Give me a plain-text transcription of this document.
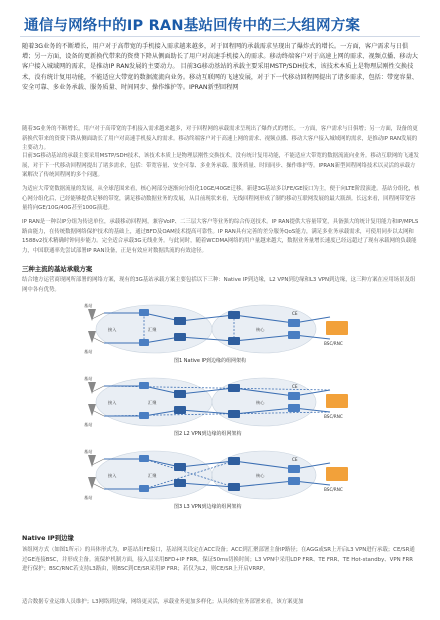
通信与网络中的IP RAN基站回传中的三大组网方案

随着3G业务的不断增长，用户对于高带宽的手机接入需求越来越多，对于回程网的承载需求呈现出了爆炸式的增长。一方面，客户需求与日俱增；另一方面，设备的更新换代带来的资费下降从侧面助长了用户对高速手机接入的需求。移动终端客户对于高速上网的需求、视频点播、移动大客户接入城域网的需求，是推动IP RAN发展的主要动力。 目前3G移动基站的承载主要采用MSTP/SDH技术，该技术本质上是物理层刚性交换技术，没有统计复用功能，不能适应大带宽的数据流流向业务。移动互联网的飞速发展，对于下一代移动回程网提出了诸多需求，包括：带宽容量、安全可靠、多业务承载、服务质量、时间同步、操作维护等。IPRAN新型回程网

随着3G业务的不断增长，用户对于高带宽的手机接入需求越来越多，对于回程网的承载需求呈现出了爆炸式的增长。一方面，客户需求与日俱增；另一方面，设备的更新换代带来的资费下降从侧面助长了用户对高速手机接入的需求。移动终端客户对于高速上网的需求、视频点播、移动大客户接入城域网的需求，是推动IP RAN发展的主要动力。

目前3G移动基站的承载主要采用MSTP/SDH技术，该技术本质上是物理层刚性交换技术，没有统计复用功能，不能适应大带宽的数据流流向业务。移动互联网的飞速发展，对于下一代移动回程网提出了诸多需求，包括：带宽容量、安全可靠、多业务承载、服务质量、时间同步、操作维护等。IPRAN新型回程网络技术以灵活的承载方案解决了传统回程网的多个问题。

为适应大带宽数据流量的发展，从全球范围来看，核心网部分逐渐向分组化10GE/40GE迁移。新建3G基站多以FE/GE接口为主，便于向LTE阶段演进。基站分组化，核心网分组化后，已经能够提供足够的带宽，满足移动数据业务的发展，从目前现状来看，无线回程网形成了制约移动互联网发展的最大瓶颈。长远来看，回程网带宽容量将向GE/10G/40G甚至100G演进。

IP RAN是一种以IP分组为传送单位，承载移动回程网，兼容VoIP、二三层大客户等业务的综合传送技术。IP RAN提供大容量带宽，具备强大的统计复用能力和IP/MPLS路由能力，在传统数据网络保护技术的基础上，通过BFD及OAM技术提高可靠性。IP RAN具有完善的差分服务QoS能力，满足多业务承载需求，可使用同步以太网和1588v2技术精确时钟同步能力。完全适合承载3G无线业务。与此同时，随着WCDMA网络的用户量越来越大，数据业务量增长速度已经远超过了现有承载网的负载能力，中国联通率先尝试部署IP RAN设备，正是有效应对数据洪流的有效途径。

三种主流的基站承载方案

结合地方运营商现网所部署的网络方案，现有的3G基站承载方案主要包括以下三种：Native IP到边缘，L2 VPN到边缘和L3 VPN到边缘，这三种方案在应用场景及组网中各有优势。

汇聚	核心
接入
BSC/RNC
CE
基站
基站
图1 Native IP到边缘的组网架构
汇聚	核心
接入
BSC/RNC
CE
基站
基站
图2 L2 VPN到边缘的组网架构
汇聚	核心
接入
BSC/RNC
CE
基站
基站
图3 L3 VPN到边缘的组网架构
Native IP到边缘

该组网方式（如图1所示）的具体形式为，IP基站出FE接口，基站网关设定在ACC设备；ACC到汇聚部署主备IP路径；在AGG或SR上开启L3 VPN进行承载；CE/SR通过GE连接BSC，并形成主备。流保护机制方面，接入层采用BFD+IP FRR，保证50ms切换时间；L3 VPN中采用LDP FRR、TE FRR、TE Hot-standby、VPN FRR 进行保护；BSC/RNC若支持L3路由，则BSC到CE/SR采用IP FRR；若仅为L2，则CE/SR上开启VRRP。

适合数据专业运维人员维护；L3网络到边缘，网络更灵活，承载业务更加多样化；从具体的业务部署来看，该方案更加
